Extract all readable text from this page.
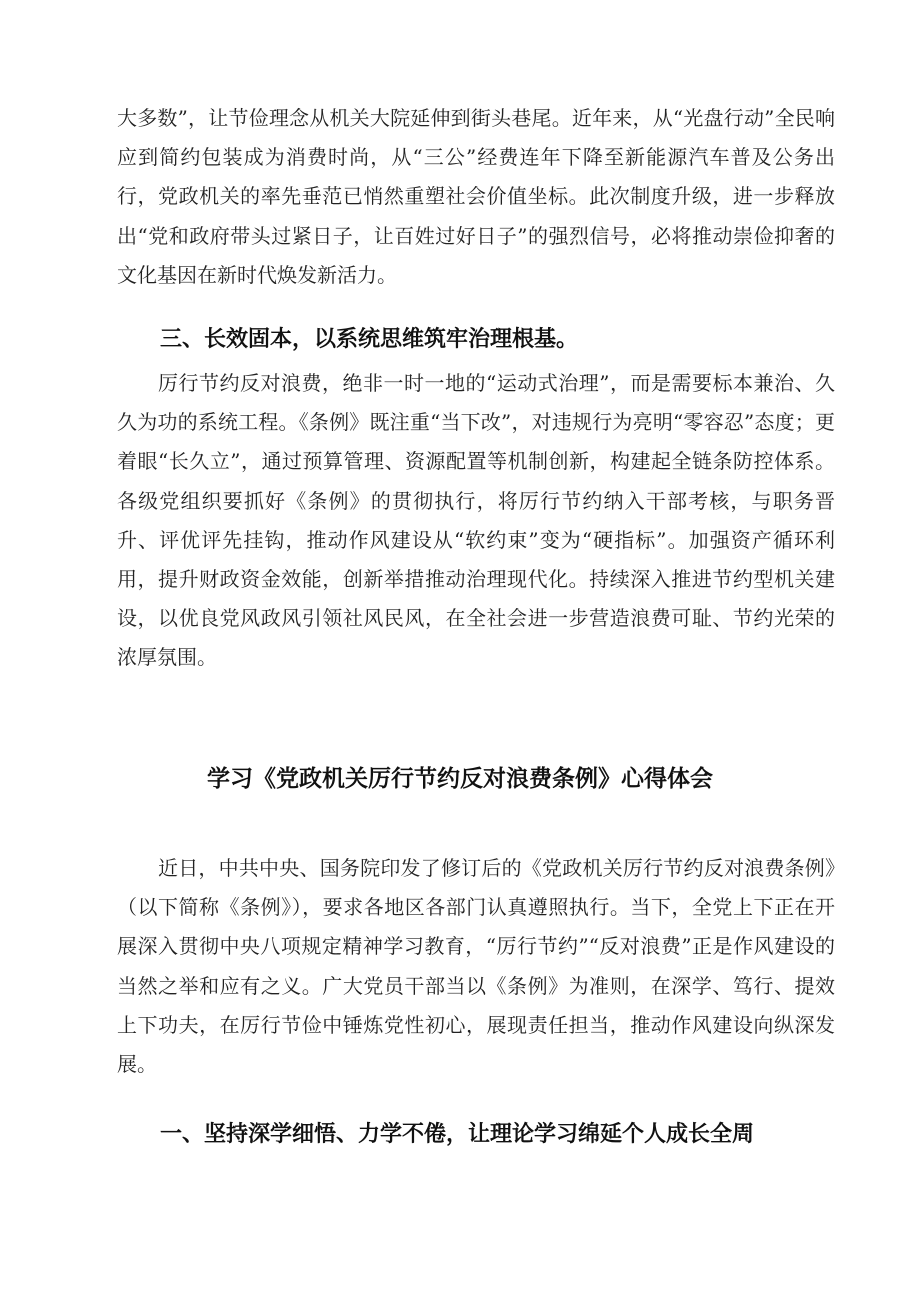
大多数”，让节俭理念从机关大院延伸到街头巷尾。近年来，从“光盘行动”全民响应到简约包装成为消费时尚，从“三公”经费连年下降至新能源汽车普及公务出行，党政机关的率先垂范已悄然重塑社会价值坐标。此次制度升级，进一步释放出“党和政府带头过紧日子，让百姓过好日子”的强烈信号，必将推动崇俭抑奢的文化基因在新时代焕发新活力。

三、长效固本，以系统思维筑牢治理根基。

厉行节约反对浪费，绝非一时一地的“运动式治理”，而是需要标本兼治、久久为功的系统工程。《条例》既注重“当下改”，对违规行为亮明“零容忍”态度；更着眼“长久立”，通过预算管理、资源配置等机制创新，构建起全链条防控体系。各级党组织要抓好《条例》的贯彻执行，将厉行节约纳入干部考核，与职务晋升、评优评先挂钩，推动作风建设从“软约束”变为“硬指标”。加强资产循环利用，提升财政资金效能，创新举措推动治理现代化。持续深入推进节约型机关建设，以优良党风政风引领社风民风，在全社会进一步营造浪费可耻、节约光荣的浓厚氛围。

学习《党政机关厉行节约反对浪费条例》心得体会

近日，中共中央、国务院印发了修订后的《党政机关厉行节约反对浪费条例》（以下简称《条例》），要求各地区各部门认真遵照执行。当下，全党上下正在开展深入贯彻中央八项规定精神学习教育，“厉行节约”“反对浪费”正是作风建设的当然之举和应有之义。广大党员干部当以《条例》为准则，在深学、笃行、提效上下功夫，在厉行节俭中锤炼党性初心，展现责任担当，推动作风建设向纵深发展。

一、坚持深学细悟、力学不倦，让理论学习绵延个人成长全周
